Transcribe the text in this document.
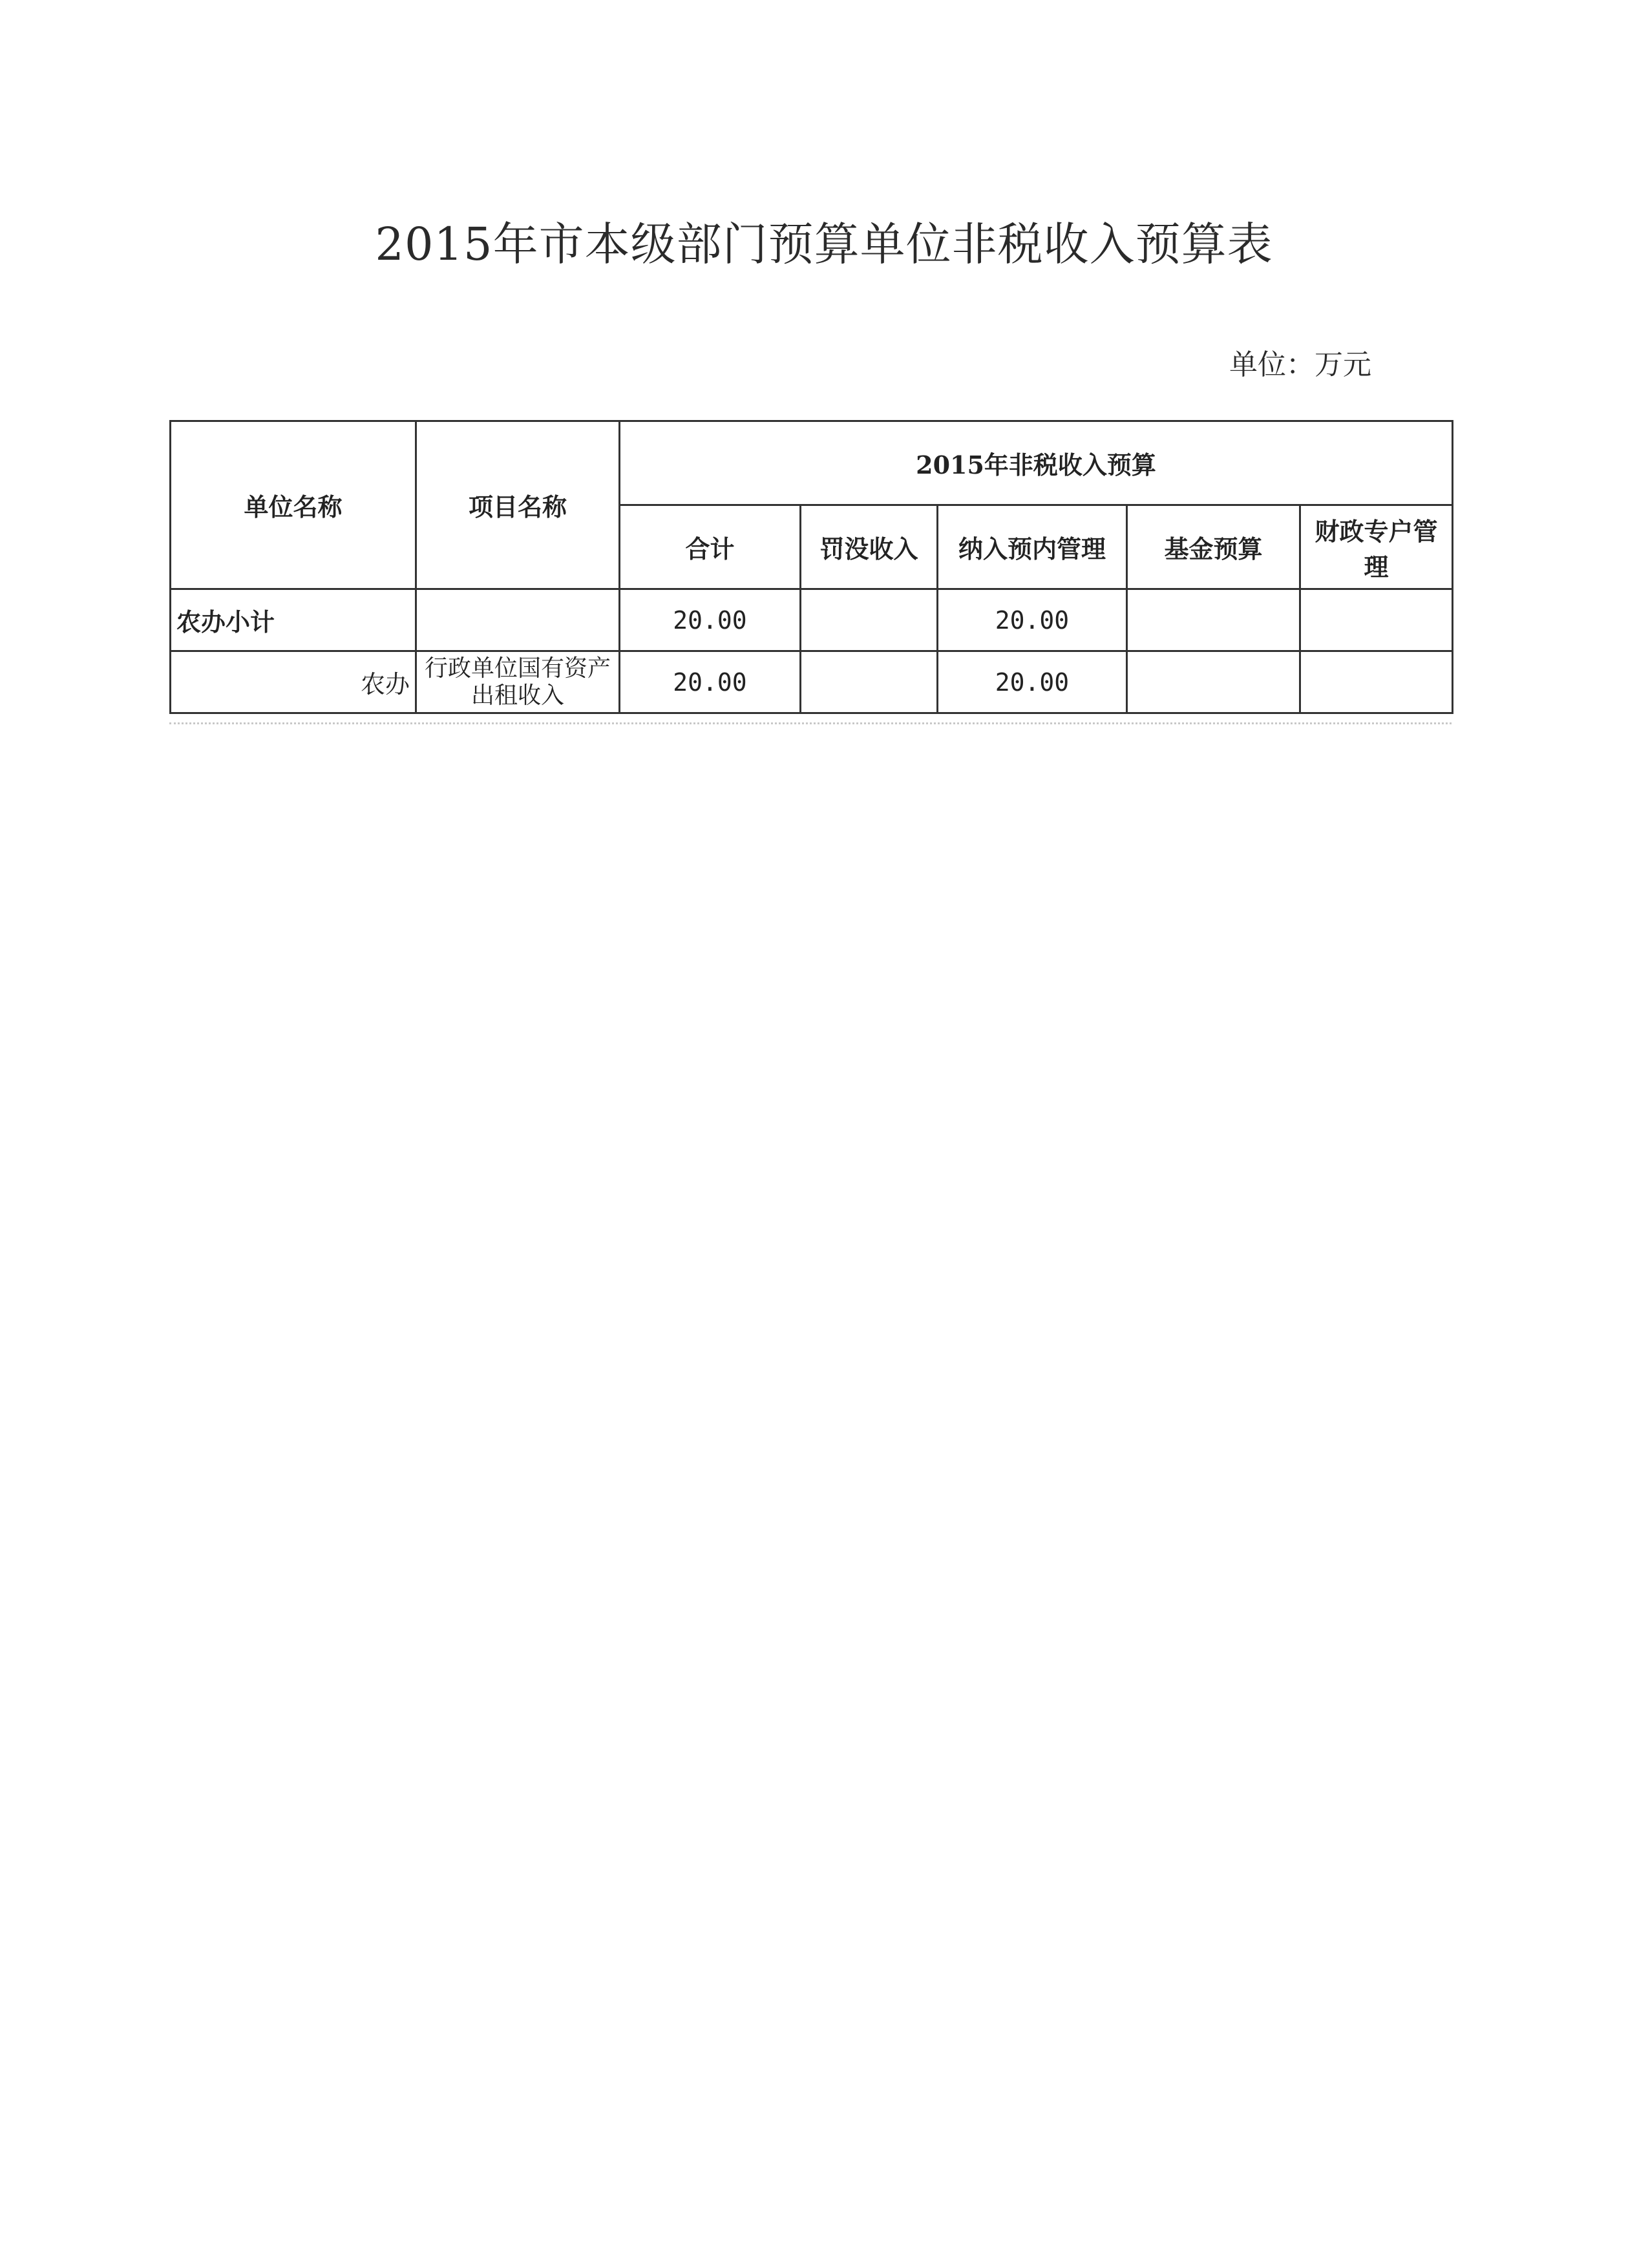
2015年市本级部门预算单位非税收入预算表
单位：万元
单位名称	项目名称	2015年非税收入预算				
		合计	罚没收入	纳入预内管理	基金预算	财政专户管理
农办小计		20.00		20.00		
农办	行政单位国有资产出租收入	20.00		20.00		
